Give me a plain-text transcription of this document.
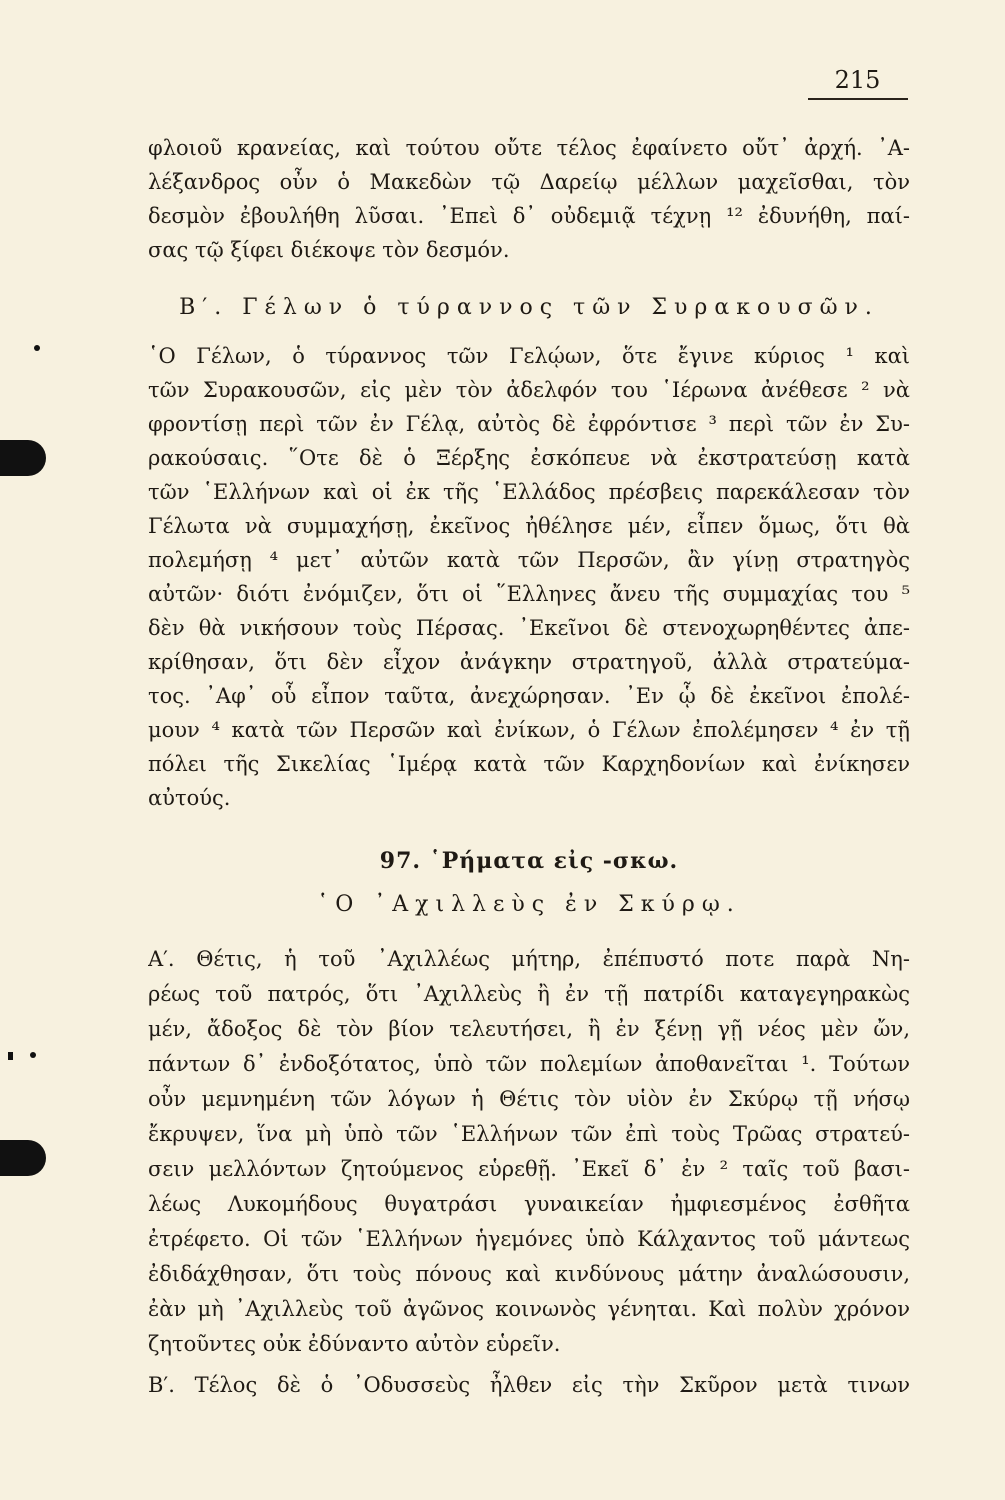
215
φλοιοῦ κρανείας, καὶ τούτου οὔτε τέλος ἐφαίνετο οὔτ᾽ ἀρχή. ᾿Α-
λέξανδρος οὖν ὁ Μακεδὼν τῷ Δαρείῳ μέλλων μαχεῖσθαι, τὸν
δεσμὸν ἐβουλήθη λῦσαι. ᾿Επεὶ δ᾽ οὐδεμιᾷ τέχνῃ ¹² ἐδυνήθη, παί-
σας τῷ ξίφει διέκοψε τὸν δεσμόν.
Β′. Γέλων ὁ τύραννος τῶν Συρακουσῶν.
῾Ο Γέλων, ὁ τύραννος τῶν Γελῴων, ὅτε ἔγινε κύριος ¹ καὶ
τῶν Συρακουσῶν, εἰς μὲν τὸν ἀδελφόν του ῾Ιέρωνα ἀνέθεσε ² νὰ
φροντίσῃ περὶ τῶν ἐν Γέλᾳ, αὐτὸς δὲ ἐφρόντισε ³ περὶ τῶν ἐν Συ-
ρακούσαις. ῞Οτε δὲ ὁ Ξέρξης ἐσκόπευε νὰ ἐκστρατεύσῃ κατὰ
τῶν ῾Ελλήνων καὶ οἱ ἐκ τῆς ῾Ελλάδος πρέσβεις παρεκάλεσαν τὸν
Γέλωτα νὰ συμμαχήσῃ, ἐκεῖνος ἠθέλησε μέν, εἶπεν ὅμως, ὅτι θὰ
πολεμήσῃ ⁴ μετ᾽ αὐτῶν κατὰ τῶν Περσῶν, ἂν γίνῃ στρατηγὸς
αὐτῶν· διότι ἐνόμιζεν, ὅτι οἱ ῞Ελληνες ἄνευ τῆς συμμαχίας του ⁵
δὲν θὰ νικήσουν τοὺς Πέρσας. ᾿Εκεῖνοι δὲ στενοχωρηθέντες ἀπε-
κρίθησαν, ὅτι δὲν εἶχον ἀνάγκην στρατηγοῦ, ἀλλὰ στρατεύμα-
τος. ᾿Αφ᾽ οὗ εἶπον ταῦτα, ἀνεχώρησαν. ᾿Εν ᾧ δὲ ἐκεῖνοι ἐπολέ-
μουν ⁴ κατὰ τῶν Περσῶν καὶ ἐνίκων, ὁ Γέλων ἐπολέμησεν ⁴ ἐν τῇ
πόλει τῆς Σικελίας ῾Ιμέρᾳ κατὰ τῶν Καρχηδονίων καὶ ἐνίκησεν
αὐτούς.
97. ῾Ρήματα εἰς -σκω.
῾Ο ᾿Αχιλλεὺς ἐν Σκύρῳ.
Α′. Θέτις, ἡ τοῦ ᾿Αχιλλέως μήτηρ, ἐπέπυστό ποτε παρὰ Νη-
ρέως τοῦ πατρός, ὅτι ᾿Αχιλλεὺς ἢ ἐν τῇ πατρίδι καταγεγηρακὼς
μέν, ἄδοξος δὲ τὸν βίον τελευτήσει, ἢ ἐν ξένῃ γῇ νέος μὲν ὤν,
πάντων δ᾽ ἐνδοξότατος, ὑπὸ τῶν πολεμίων ἀποθανεῖται ¹. Τούτων
οὖν μεμνημένη τῶν λόγων ἡ Θέτις τὸν υἱὸν ἐν Σκύρῳ τῇ νήσῳ
ἔκρυψεν, ἵνα μὴ ὑπὸ τῶν ῾Ελλήνων τῶν ἐπὶ τοὺς Τρῶας στρατεύ-
σειν μελλόντων ζητούμενος εὑρεθῇ. ᾿Εκεῖ δ᾽ ἐν ² ταῖς τοῦ βασι-
λέως Λυκομήδους θυγατράσι γυναικείαν ἠμφιεσμένος ἐσθῆτα
ἐτρέφετο. Οἱ τῶν ῾Ελλήνων ἡγεμόνες ὑπὸ Κάλχαντος τοῦ μάντεως
ἐδιδάχθησαν, ὅτι τοὺς πόνους καὶ κινδύνους μάτην ἀναλώσουσιν,
ἐὰν μὴ ᾿Αχιλλεὺς τοῦ ἀγῶνος κοινωνὸς γένηται. Καὶ πολὺν χρόνον
ζητοῦντες οὐκ ἐδύναντο αὐτὸν εὑρεῖν.
Β′. Τέλος δὲ ὁ ᾿Οδυσσεὺς ἦλθεν εἰς τὴν Σκῦρον μετὰ τινων
